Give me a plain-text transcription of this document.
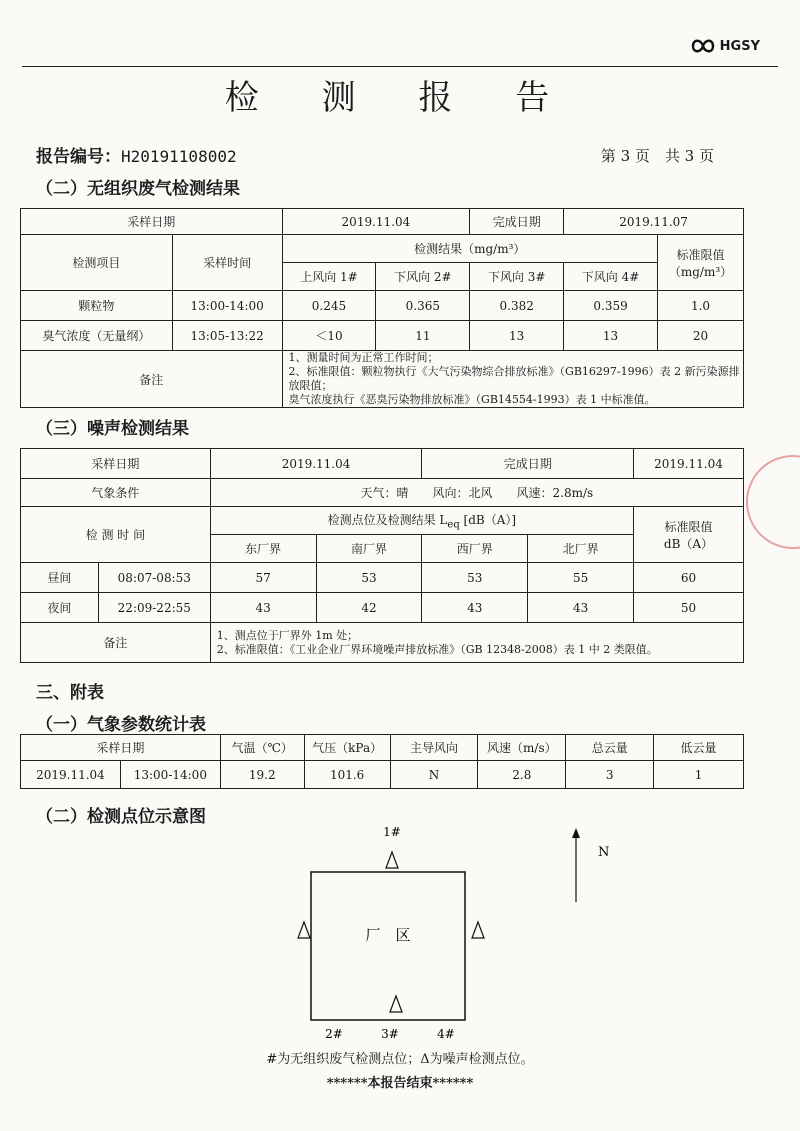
HGSY
检 测 报 告
报告编号：H20191108002	第 3 页　 共 3 页
（二）无组织废气检测结果
采样日期		2019.11.04		完成日期	2019.11.07	
检测项目	采样时间	检测结果（mg/m³）				标准限值
（mg/m³）

		上风向 1#	下风向 2#	下风向 3#	下风向 4#	
颗粒物	13:00-14:00	0.245	0.365	0.382	0.359	1.0
臭气浓度（无量纲）	13:05-13:22	＜10	11	13	13	20
备注		1、测量时间为正常工作时间；
2、标准限值：颗粒物执行《大气污染物综合排放标准》（GB16297-1996）表 2 新污染源排放限值；
臭气浓度执行《恶臭污染物排放标准》（GB14554-1993）表 1 中标准值。				
（三）噪声检测结果
采样日期		2019.11.04		完成日期		2019.11.04
气象条件		天气：晴　　风向：北风　　风速：2.8m/s				
检 测 时 间		检测点位及检测结果 $L_{eq}$ [dB（A）]				标准限值
dB（A）

		东厂界	南厂界	西厂界	北厂界	
昼间	08:07-08:53	57	53	53	55	60
夜间	22:09-22:55	43	42	43	43	50
备注		1、测点位于厂界外 1m 处；
2、标准限值：《工业企业厂界环境噪声排放标准》（GB 12348-2008）表 1 中 2 类限值。				
三、附表
（一）气象参数统计表
采样日期		气温（℃）	气压（kPa）	主导风向	风速（m/s）	总云量	低云量
2019.11.04	13:00-14:00	19.2	101.6	N	2.8	3	1
（二）检测点位示意图
厂　区
1#
2#	3#	4#
N
#为无组织废气检测点位；Δ为噪声检测点位。
******本报告结束******
